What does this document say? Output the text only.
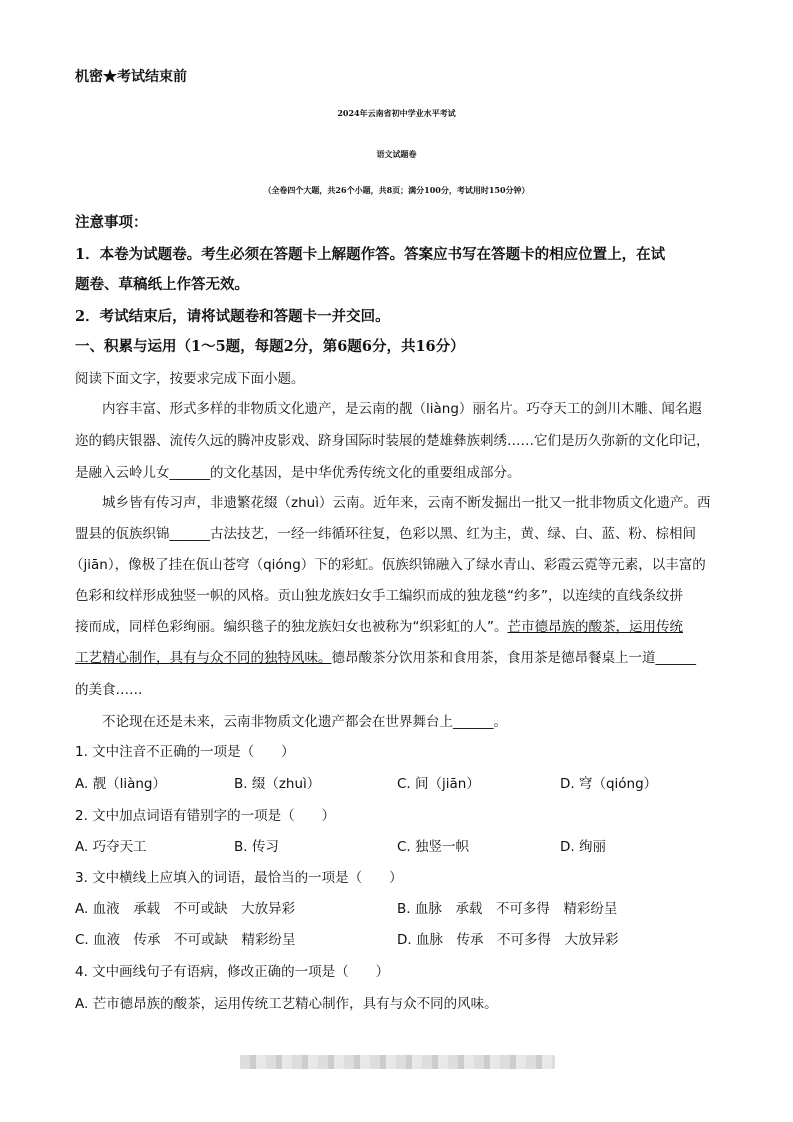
机密★考试结束前
2024年云南省初中学业水平考试
语文试题卷
（全卷四个大题，共26个小题，共8页；满分100分，考试用时150分钟）
注意事项：
1．本卷为试题卷。考生必须在答题卡上解题作答。答案应书写在答题卡的相应位置上，在试
题卷、草稿纸上作答无效。
2．考试结束后，请将试题卷和答题卡一并交回。
一、积累与运用（1～5题，每题2分，第6题6分，共16分）
阅读下面文字，按要求完成下面小题。
内容丰富、形式多样的非物质文化遗产，是云南的靓（liàng）丽名片。巧夺天工的剑川木雕、闻名遐
迩的鹤庆银器、流传久远的腾冲皮影戏、跻身国际时装展的楚雄彝族刺绣……它们是历久弥新的文化印记，
是融入云岭儿女______的文化基因，是中华优秀传统文化的重要组成部分。
城乡皆有传习声，非遗繁花缀（zhuì）云南。近年来，云南不断发掘出一批又一批非物质文化遗产。西
盟县的佤族织锦______古法技艺，一经一纬循环往复，色彩以黑、红为主，黄、绿、白、蓝、粉、棕相间
（jiān），像极了挂在佤山苍穹（qióng）下的彩虹。佤族织锦融入了绿水青山、彩霞云霓等元素，以丰富的
色彩和纹样形成独竖一帜的风格。贡山独龙族妇女手工编织而成的独龙毯“约多”，以连续的直线条纹拼
接而成，同样色彩绚丽。编织毯子的独龙族妇女也被称为“织彩虹的人”。芒市德昂族的酸茶，运用传统
工艺精心制作，具有与众不同的独特风味。德昂酸茶分饮用茶和食用茶，食用茶是德昂餐桌上一道______
的美食……
不论现在还是未来，云南非物质文化遗产都会在世界舞台上______。
1. 文中注音不正确的一项是（　　）
A. 靓（liàng）	B. 缀（zhuì）	C. 间（jiān）	D. 穹（qióng）
2. 文中加点词语有错别字的一项是（　　）
A. 巧夺天工	B. 传习	C. 独竖一帜	D. 绚丽
3. 文中横线上应填入的词语，最恰当的一项是（　　）
A. 血液　承载　不可或缺　大放异彩	B. 血脉　承载　不可多得　精彩纷呈
C. 血液　传承　不可或缺　精彩纷呈	D. 血脉　传承　不可多得　大放异彩
4. 文中画线句子有语病，修改正确的一项是（　　）
A. 芒市德昂族的酸茶，运用传统工艺精心制作，具有与众不同的风味。
